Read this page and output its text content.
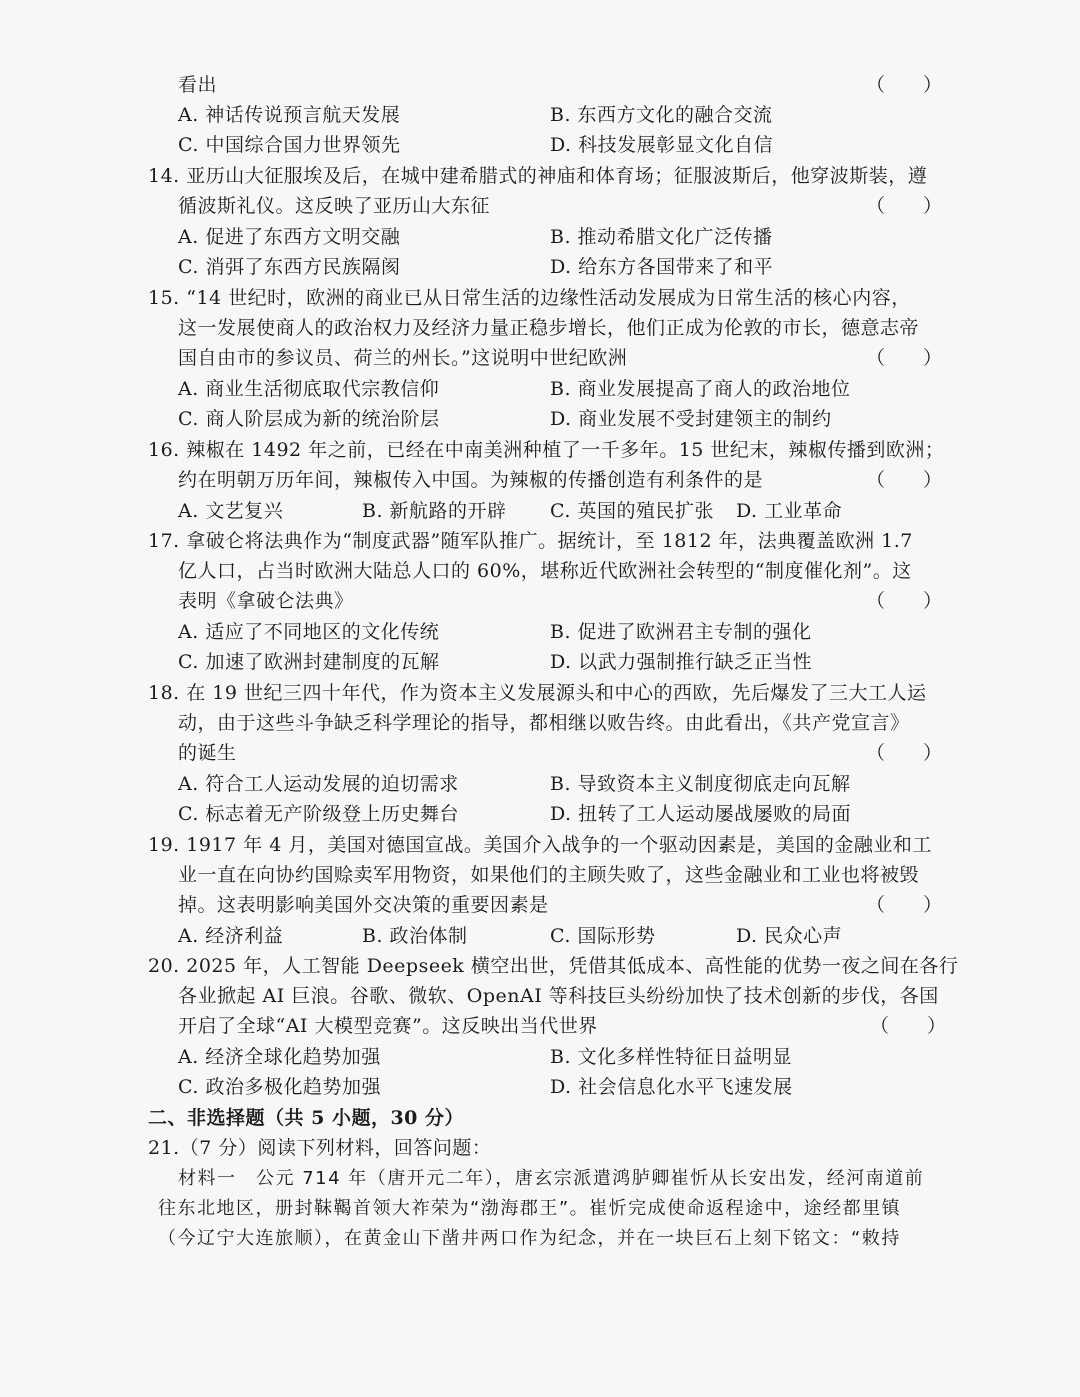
看出	（　　）
A. 神话传说预言航天发展	B. 东西方文化的融合交流
C. 中国综合国力世界领先	D. 科技发展彰显文化自信
14. 亚历山大征服埃及后，在城中建希腊式的神庙和体育场；征服波斯后，他穿波斯装，遵
循波斯礼仪。这反映了亚历山大东征	（　　）
A. 促进了东西方文明交融	B. 推动希腊文化广泛传播
C. 消弭了东西方民族隔阂	D. 给东方各国带来了和平
15. “14 世纪时，欧洲的商业已从日常生活的边缘性活动发展成为日常生活的核心内容，
这一发展使商人的政治权力及经济力量正稳步增长，他们正成为伦敦的市长，德意志帝
国自由市的参议员、荷兰的州长。”这说明中世纪欧洲	（　　）
A. 商业生活彻底取代宗教信仰	B. 商业发展提高了商人的政治地位
C. 商人阶层成为新的统治阶层	D. 商业发展不受封建领主的制约
16. 辣椒在 1492 年之前，已经在中南美洲种植了一千多年。15 世纪末，辣椒传播到欧洲；
约在明朝万历年间，辣椒传入中国。为辣椒的传播创造有利条件的是	（　　）
A. 文艺复兴	B. 新航路的开辟 C. 英国的殖民扩张 D. 工业革命
17. 拿破仑将法典作为“制度武器”随军队推广。据统计，至 1812 年，法典覆盖欧洲 1.7
亿人口，占当时欧洲大陆总人口的 60%，堪称近代欧洲社会转型的“制度催化剂”。这
表明《拿破仑法典》	（　　）
A. 适应了不同地区的文化传统	B. 促进了欧洲君主专制的强化
C. 加速了欧洲封建制度的瓦解	D. 以武力强制推行缺乏正当性
18. 在 19 世纪三四十年代，作为资本主义发展源头和中心的西欧，先后爆发了三大工人运
动，由于这些斗争缺乏科学理论的指导，都相继以败告终。由此看出，《共产党宣言》
的诞生	（　　）
A. 符合工人运动发展的迫切需求	B. 导致资本主义制度彻底走向瓦解
C. 标志着无产阶级登上历史舞台	D. 扭转了工人运动屡战屡败的局面
19. 1917 年 4 月，美国对德国宣战。美国介入战争的一个驱动因素是，美国的金融业和工
业一直在向协约国赊卖军用物资，如果他们的主顾失败了，这些金融业和工业也将被毁
掉。这表明影响美国外交决策的重要因素是	（　　）
A. 经济利益	B. 政治体制	C. 国际形势	D. 民众心声
20. 2025 年，人工智能 Deepseek 横空出世，凭借其低成本、高性能的优势一夜之间在各行
各业掀起 AI 巨浪。谷歌、微软、OpenAI 等科技巨头纷纷加快了技术创新的步伐，各国
开启了全球“AI 大模型竞赛”。这反映出当代世界	（　　）
A. 经济全球化趋势加强	B. 文化多样性特征日益明显
C. 政治多极化趋势加强	D. 社会信息化水平飞速发展
二、非选择题（共 5 小题，30 分）
21.（7 分）阅读下列材料，回答问题：
材料一　公元 714 年（唐开元二年），唐玄宗派遣鸿胪卿崔忻从长安出发，经河南道前
往东北地区，册封靺鞨首领大祚荣为“渤海郡王”。崔忻完成使命返程途中，途经都里镇
（今辽宁大连旅顺），在黄金山下凿井两口作为纪念，并在一块巨石上刻下铭文：“敕持
